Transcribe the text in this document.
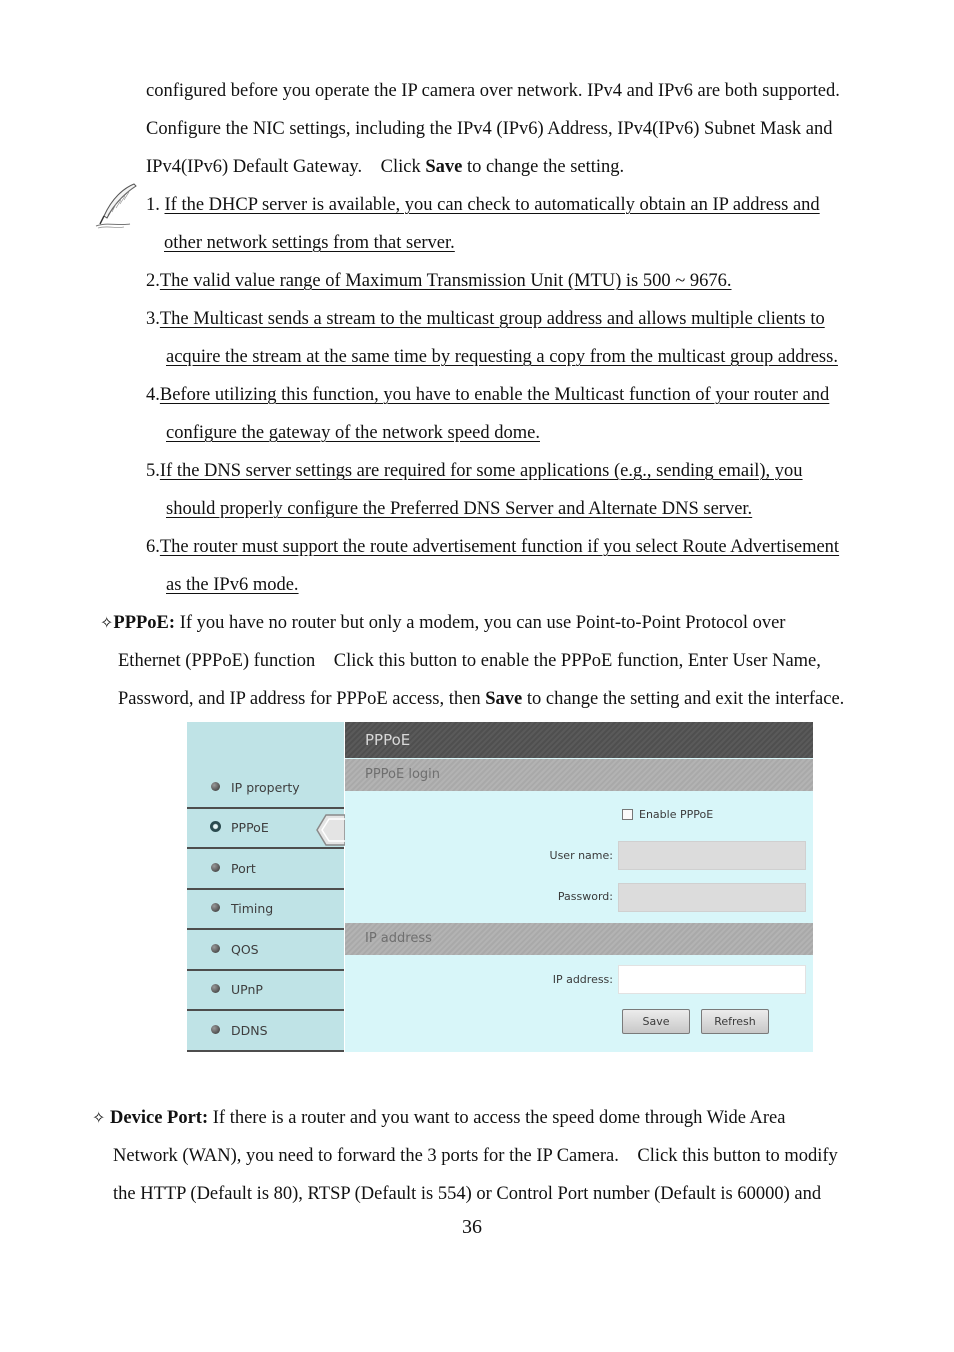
configured before you operate the IP camera over network. IPv4 and IPv6 are both supported.
Configure the NIC settings, including the IPv4 (IPv6) Address, IPv4(IPv6) Subnet Mask and
IPv4(IPv6) Default Gateway.    Click Save to change the setting.
1. If the DHCP server is available, you can check to automatically obtain an IP address and
other network settings from that server.
2.The valid value range of Maximum Transmission Unit (MTU) is 500 ~ 9676.
3.The Multicast sends a stream to the multicast group address and allows multiple clients to
acquire the stream at the same time by requesting a copy from the multicast group address.
4.Before utilizing this function, you have to enable the Multicast function of your router and
configure the gateway of the network speed dome.
5.If the DNS server settings are required for some applications (e.g., sending email), you
should properly configure the Preferred DNS Server and Alternate DNS server.
6.The router must support the route advertisement function if you select Route Advertisement
as the IPv6 mode.
✧PPPoE: If you have no router but only a modem, you can use Point-to-Point Protocol over
Ethernet (PPPoE) function    Click this button to enable the PPPoE function, Enter User Name,
Password, and IP address for PPPoE access, then Save to change the setting and exit the interface.
IP property
PPPoE
Port
Timing
QOS
UPnP
DDNS
PPPoE
PPPoE login
Enable PPPoE
User name:
Password:
IP address
IP address:
Save	Refresh
✧ Device Port: If there is a router and you want to access the speed dome through Wide Area
Network (WAN), you need to forward the 3 ports for the IP Camera.    Click this button to modify
the HTTP (Default is 80), RTSP (Default is 554) or Control Port number (Default is 60000) and
36
